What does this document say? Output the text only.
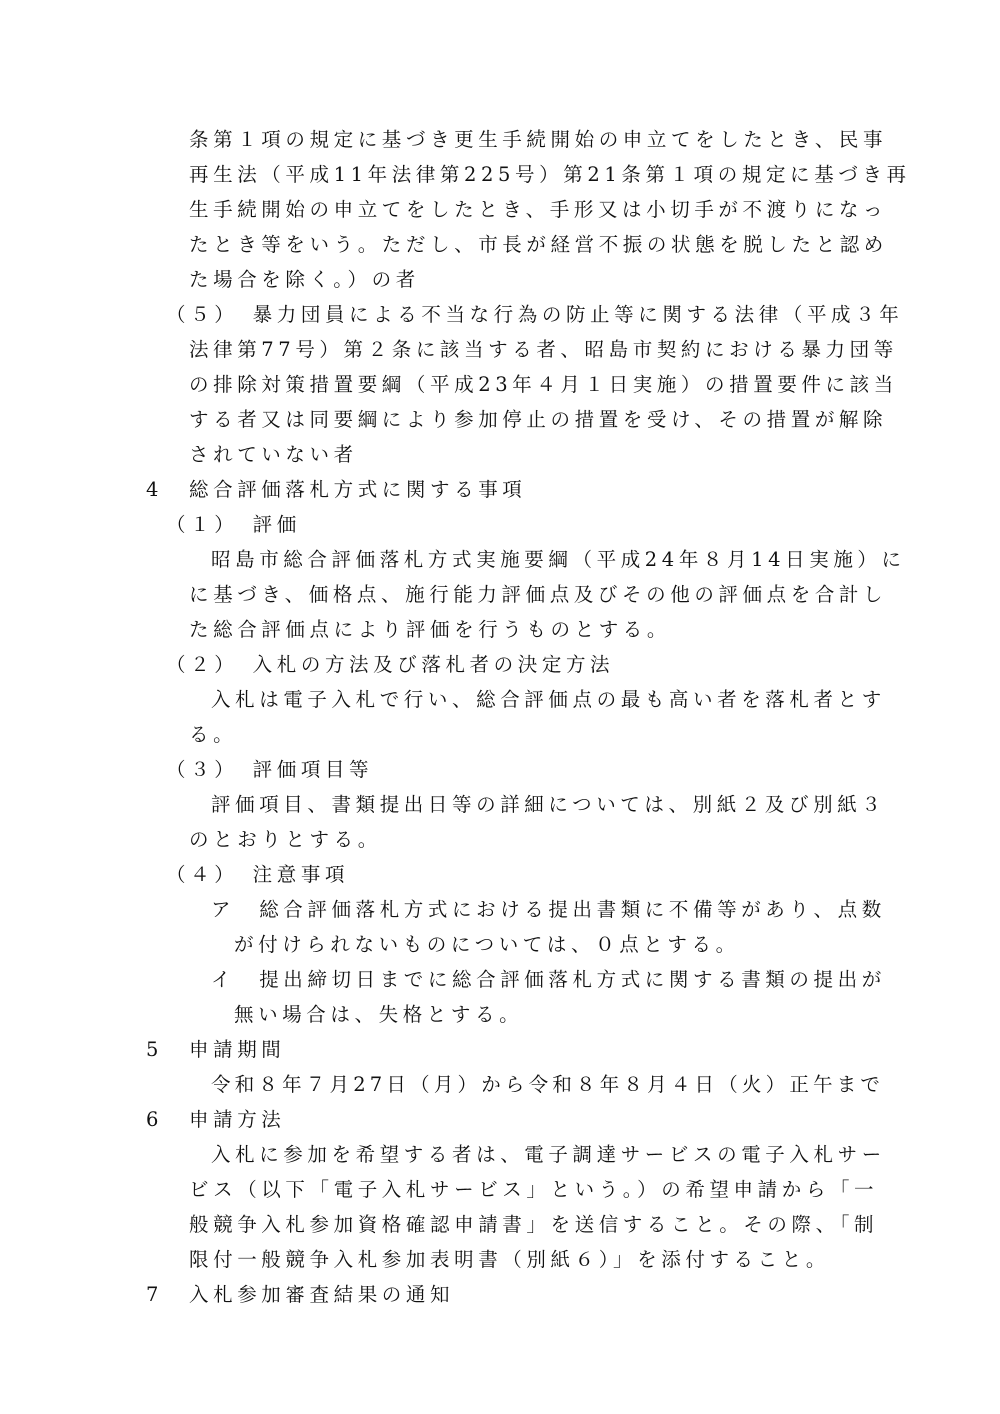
条第１項の規定に基づき更生手続開始の申立てをしたとき、民事
再生法（平成11年法律第225号）第21条第１項の規定に基づき再
生手続開始の申立てをしたとき、手形又は小切手が不渡りになっ
たとき等をいう。ただし、市長が経営不振の状態を脱したと認め
た場合を除く。）の者
（５）　暴力団員による不当な行為の防止等に関する法律（平成３年
法律第77号）第２条に該当する者、昭島市契約における暴力団等
の排除対策措置要綱（平成23年４月１日実施）の措置要件に該当
する者又は同要綱により参加停止の措置を受け、その措置が解除
されていない者
4 総合評価落札方式に関する事項
（１）　評価
昭島市総合評価落札方式実施要綱（平成24年８月14日実施）に
に基づき、価格点、施行能力評価点及びその他の評価点を合計し
た総合評価点により評価を行うものとする。
（２）　入札の方法及び落札者の決定方法
入札は電子入札で行い、総合評価点の最も高い者を落札者とす
る。
（３）　評価項目等
評価項目、書類提出日等の詳細については、別紙２及び別紙３
のとおりとする。
（４）　注意事項
ア　総合評価落札方式における提出書類に不備等があり、点数
が付けられないものについては、０点とする。
イ　提出締切日までに総合評価落札方式に関する書類の提出が
無い場合は、失格とする。
5 申請期間
令和８年７月27日（月）から令和８年８月４日（火）正午まで
6 申請方法
入札に参加を希望する者は、電子調達サービスの電子入札サー
ビス（以下「電子入札サービス」という。）の希望申請から「一
般競争入札参加資格確認申請書」を送信すること。その際、「制
限付一般競争入札参加表明書（別紙６）」を添付すること。
7 入札参加審査結果の通知
